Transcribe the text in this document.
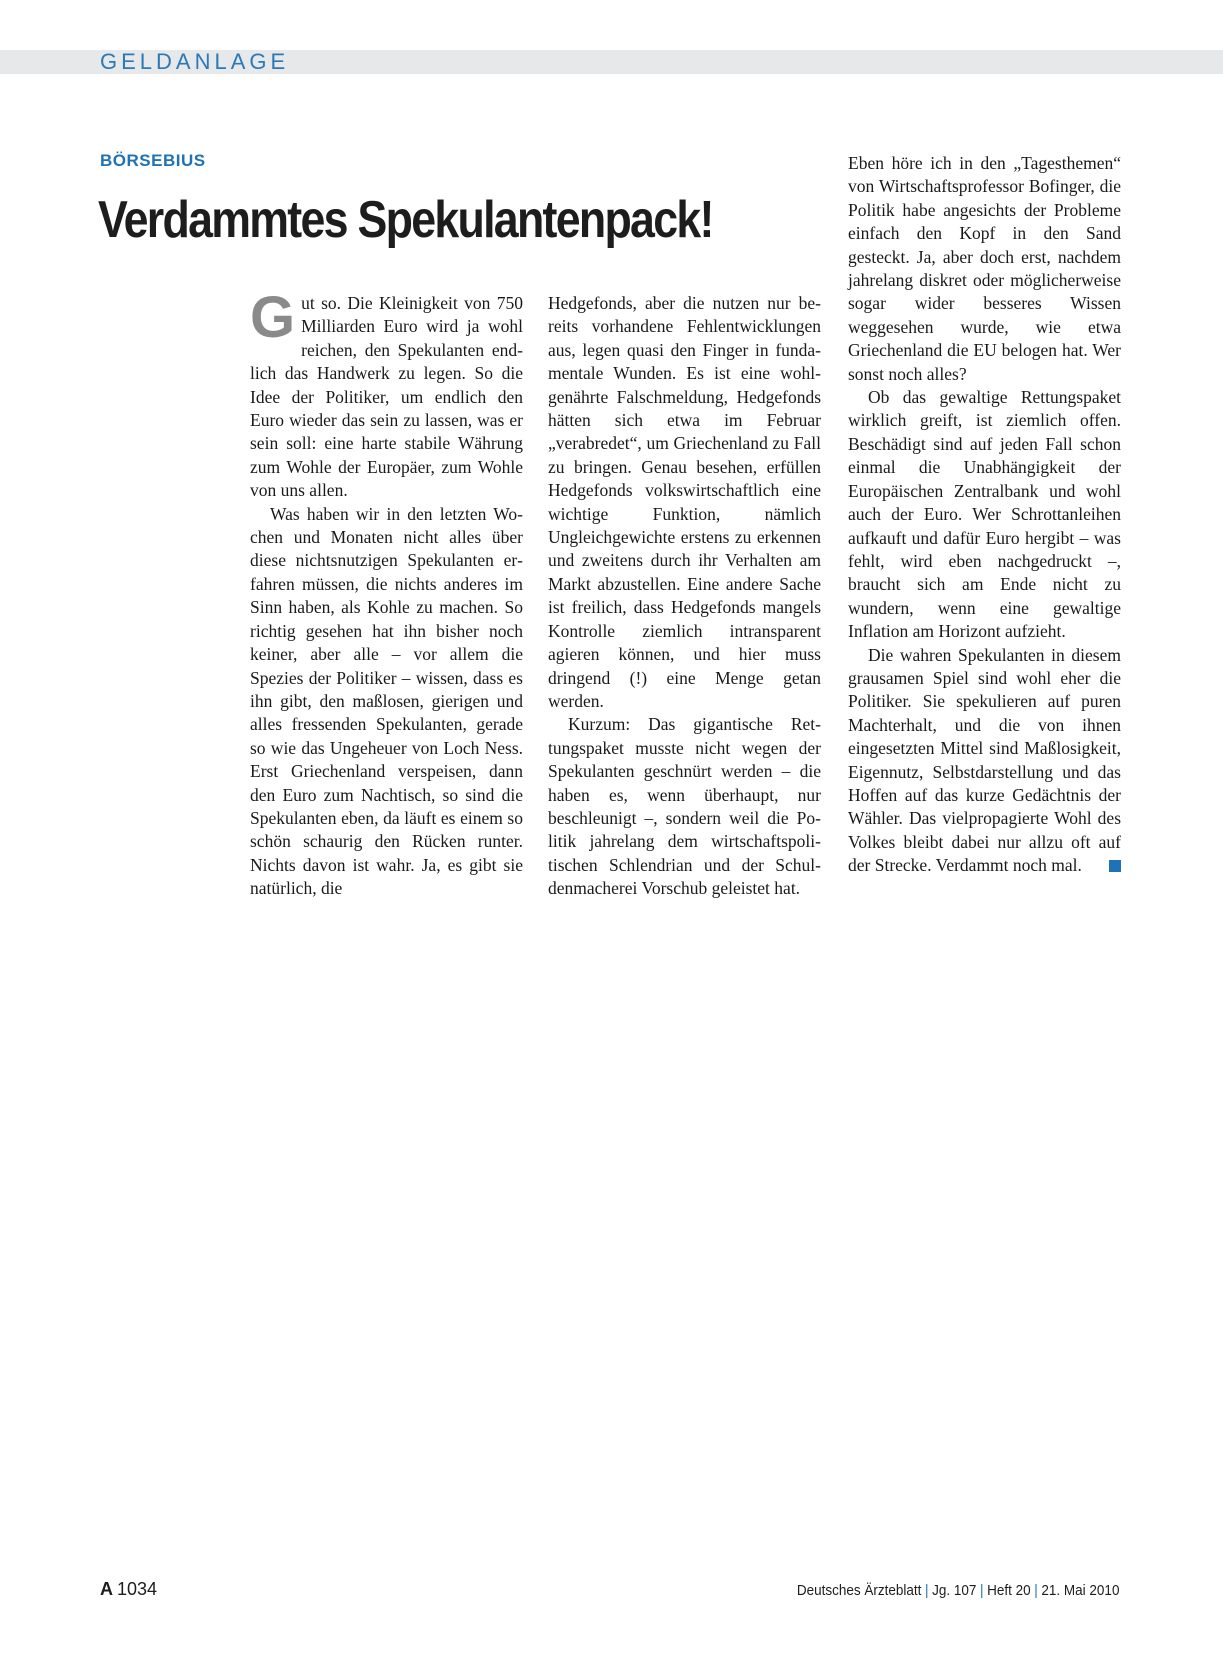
GELDANLAGE
BÖRSEBIUS
Verdammtes Spekulantenpack!

Gut so. Die Kleinigkeit von 750 Milliarden Euro wird ja wohl reichen, den Spekulanten endlich das Handwerk zu legen. So die Idee der Politiker, um endlich den Euro wieder das sein zu lassen, was er sein soll: eine harte stabile Währung zum Wohle der Europäer, zum Wohle von uns allen.

Was haben wir in den letzten Wochen und Monaten nicht alles über diese nichtsnutzigen Spekulanten erfahren müssen, die nichts anderes im Sinn haben, als Kohle zu machen. So richtig gesehen hat ihn bisher noch keiner, aber alle – vor allem die Spezies der Politiker – wissen, dass es ihn gibt, den maßlosen, gierigen und alles fressenden Spekulanten, gerade so wie das Ungeheuer von Loch Ness. Erst Griechenland verspeisen, dann den Euro zum Nachtisch, so sind die Spekulanten eben, da läuft es einem so schön schaurig den Rücken runter. Nichts davon ist wahr. Ja, es gibt sie natürlich, die

Hedgefonds, aber die nutzen nur bereits vorhandene Fehlentwicklungen aus, legen quasi den Finger in fundamentale Wunden. Es ist eine wohlgenährte Falschmeldung, Hedgefonds hätten sich etwa im Februar „verabredet“, um Griechenland zu Fall zu bringen. Genau besehen, erfüllen Hedgefonds volkswirtschaftlich eine wichtige Funktion, nämlich Ungleichgewichte erstens zu erkennen und zweitens durch ihr Verhalten am Markt abzustellen. Eine andere Sache ist freilich, dass Hedgefonds mangels Kontrolle ziemlich intransparent agieren können, und hier muss dringend (!) eine Menge getan werden.

Kurzum: Das gigantische Rettungspaket musste nicht wegen der Spekulanten geschnürt werden – die haben es, wenn überhaupt, nur beschleunigt –, sondern weil die Politik jahrelang dem wirtschaftspolitischen Schlendrian und der Schuldenmacherei Vorschub geleistet hat.

Eben höre ich in den „Tagesthemen“ von Wirtschaftsprofessor Bofinger, die Politik habe angesichts der Probleme einfach den Kopf in den Sand gesteckt. Ja, aber doch erst, nachdem jahrelang diskret oder möglicherweise sogar wider besseres Wissen weggesehen wurde, wie etwa Griechenland die EU belogen hat. Wer sonst noch alles?

Ob das gewaltige Rettungspaket wirklich greift, ist ziemlich offen. Beschädigt sind auf jeden Fall schon einmal die Unabhängigkeit der Europäischen Zentralbank und wohl auch der Euro. Wer Schrottanleihen aufkauft und dafür Euro hergibt – was fehlt, wird eben nachgedruckt –, braucht sich am Ende nicht zu wundern, wenn eine gewaltige Inflation am Horizont aufzieht.

Die wahren Spekulanten in diesem grausamen Spiel sind wohl eher die Politiker. Sie spekulieren auf puren Machterhalt, und die von ihnen eingesetzten Mittel sind Maßlosigkeit, Eigennutz, Selbstdarstellung und das Hoffen auf das kurze Gedächtnis der Wähler. Das vielpropagierte Wohl des Volkes bleibt dabei nur allzu oft auf der Strecke. Verdammt noch mal.

A 1034	Deutsches Ärzteblatt | Jg. 107 | Heft 20 | 21. Mai 2010
